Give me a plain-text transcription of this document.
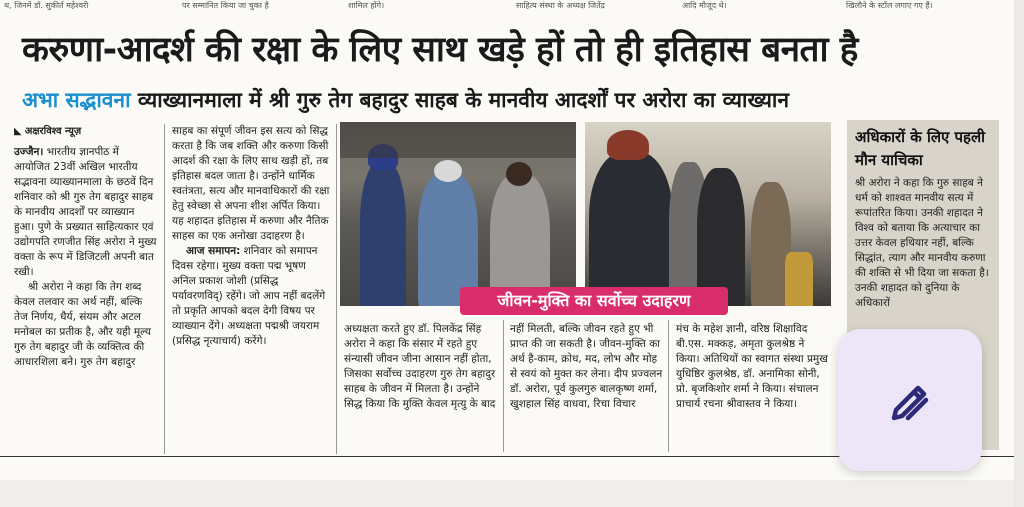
थ, जिनमें डॉ. सुकीर्त महेश्वरी	पर सम्मानित किया जा चुका है	शामिल होंगे।	साहित्य संस्था के अध्यक्ष जितेंद्र	आदि मौजूद थे।	खिलौने के स्टॉल लगाए गए हैं।
करुणा-आदर्श की रक्षा के लिए साथ खड़े हों तो ही इतिहास बनता है
अभा सद्भावना व्याख्यानमाला में श्री गुरु तेग बहादुर साहब के मानवीय आदर्शों पर अरोरा का व्याख्यान
◣ अक्षरविश्व न्यूज़

उज्जैन। भारतीय ज्ञानपीठ में आयोजित 23वीं अखिल भारतीय सद्भावना व्याख्यानमाला के छठवें दिन शनिवार को श्री गुरु तेग बहादुर साहब के मानवीय आदर्शों पर व्याख्यान हुआ। पुणे के प्रख्यात साहित्यकार एवं उद्योगपति रणजीत सिंह अरोरा ने मुख्य वक्ता के रूप में डिजिटली अपनी बात रखी।

श्री अरोरा ने कहा कि तेग शब्द केवल तलवार का अर्थ नहीं, बल्कि तेज निर्णय, धैर्य, संयम और अटल मनोबल का प्रतीक है, और यही मूल्य गुरु तेग बहादुर जी के व्यक्तित्व की आधारशिला बने। गुरु तेग बहादुर

साहब का संपूर्ण जीवन इस सत्य को सिद्ध करता है कि जब शक्ति और करुणा किसी आदर्श की रक्षा के लिए साथ खड़ी हों, तब इतिहास बदल जाता है। उन्होंने धार्मिक स्वतंत्रता, सत्य और मानवाधिकारों की रक्षा हेतु स्वेच्छा से अपना शीश अर्पित किया। यह शहादत इतिहास में करुणा और नैतिक साहस का एक अनोखा उदाहरण है।

आज समापन: शनिवार को समापन दिवस रहेगा। मुख्य वक्ता पद्म भूषण अनिल प्रकाश जोशी (प्रसिद्ध पर्यावरणविद्) रहेंगे। जो आप नहीं बदलेंगे तो प्रकृति आपको बदल देगी विषय पर व्याख्यान देंगे। अध्यक्षता पद्मश्री जयराम (प्रसिद्ध नृत्याचार्य) करेंगे।

जीवन-मुक्ति का सर्वोच्च उदाहरण

अध्यक्षता करते हुए डॉ. पिलकेंद्र सिंह अरोरा ने कहा कि संसार में रहते हुए संन्यासी जीवन जीना आसान नहीं होता, जिसका सर्वोच्च उदाहरण गुरु तेग बहादुर साहब के जीवन में मिलता है। उन्होंने सिद्ध किया कि मुक्ति केवल मृत्यु के बाद

नहीं मिलती, बल्कि जीवन रहते हुए भी प्राप्त की जा सकती है। जीवन-मुक्ति का अर्थ है-काम, क्रोध, मद, लोभ और मोह से स्वयं को मुक्त कर लेना। दीप प्रज्वलन डॉ. अरोरा, पूर्व कुलगुरु बालकृष्ण शर्मा, खुशहाल सिंह वाधवा, रिचा विचार

मंच के महेश ज्ञानी, वरिष्ठ शिक्षाविद बी.एस. मक्कड़, अमृता कुलश्रेष्ठ ने किया। अतिथियों का स्वागत संस्था प्रमुख युधिष्ठिर कुलश्रेष्ठ, डॉ. अनामिका सोनी, प्रो. बृजकिशोर शर्मा ने किया। संचालन प्राचार्य रचना श्रीवास्तव ने किया।

अधिकारों के लिए पहली मौन याचिका
श्री अरोरा ने कहा कि गुरु साहब ने धर्म को शाश्वत मानवीय सत्य में रूपांतरित किया। उनकी शहादत ने विश्व को बताया कि अत्याचार का उत्तर केवल हथियार नहीं, बल्कि सिद्धांत, त्याग और मानवीय करुणा की शक्ति से भी दिया जा सकता है। उनकी शहादत को दुनिया के अधिकारों
